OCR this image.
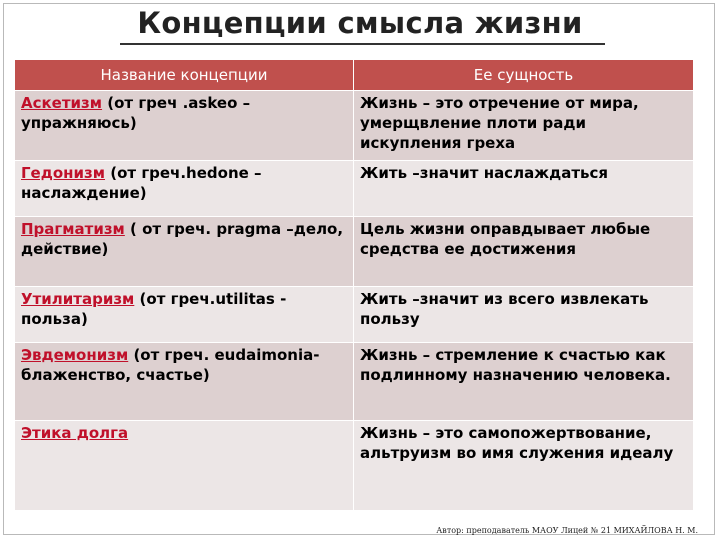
Концепции смысла жизни
Название концепции	Ее сущность
Аскетизм (от греч .askeo – упражняюсь)	Жизнь – это отречение от мира, умерщвление плоти ради искупления греха
Гедонизм (от греч.hedone – наслаждение)	Жить –значит наслаждаться
Прагматизм ( от греч. pragma –дело, действие)	Цель жизни оправдывает любые средства ее достижения
Утилитаризм (от греч.utilitas - польза)	Жить –значит из всего извлекать пользу
Эвдемонизм (от греч. eudaimonia- блаженство, счастье)	Жизнь – стремление к счастью как подлинному назначению человека.
Этика долга	Жизнь – это самопожертвование, альтруизм во имя служения идеалу
Автор: преподаватель МАОУ Лицей № 21 МИХАЙЛОВА Н. М.
